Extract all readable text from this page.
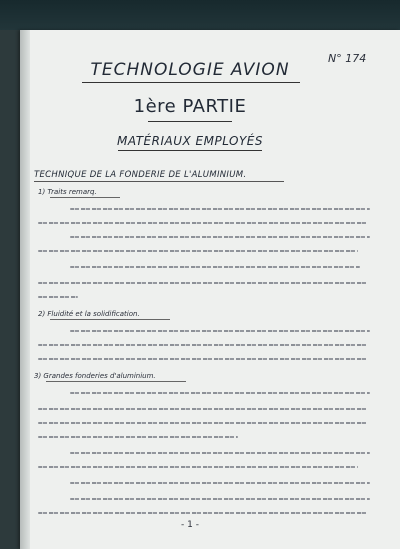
N° 174
TECHNOLOGIE AVION
1ère PARTIE
MATÉRIAUX EMPLOYÉS
TECHNIQUE DE LA FONDERIE DE L'ALUMINIUM.
1) Traits remarq.
2) Fluidité et la solidification.
3) Grandes fonderies d'aluminium.
- 1 -
